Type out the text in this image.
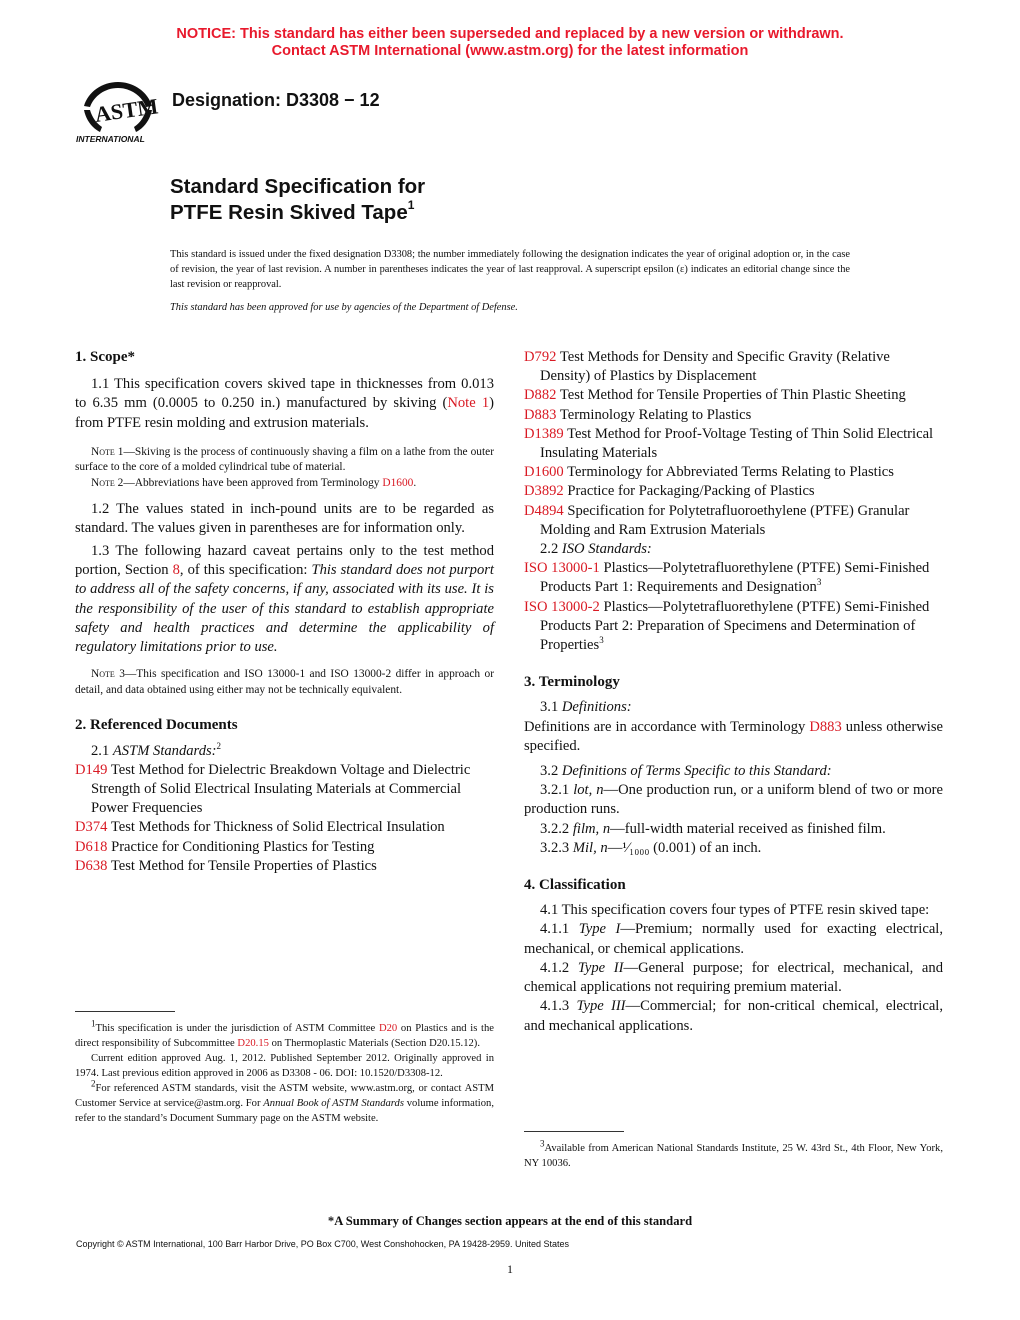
NOTICE: This standard has either been superseded and replaced by a new version or withdrawn.
Contact ASTM International (www.astm.org) for the latest information
ASTM
INTERNATIONAL
Designation: D3308 − 12
Standard Specification for
PTFE Resin Skived Tape$^1$
This standard is issued under the fixed designation D3308; the number immediately following the designation indicates the year of original adoption or, in the case of revision, the year of last revision. A number in parentheses indicates the year of last reapproval. A superscript epsilon (ε) indicates an editorial change since the last revision or reapproval.
This standard has been approved for use by agencies of the Department of Defense.

1. Scope*

1.1 This specification covers skived tape in thicknesses from 0.013 to 6.35 mm (0.0005 to 0.250 in.) manufactured by skiving (Note 1) from PTFE resin molding and extrusion materials.

Note 1—Skiving is the process of continuously shaving a film on a lathe from the outer surface to the core of a molded cylindrical tube of material.

Note 2—Abbreviations have been approved from Terminology D1600.

1.2 The values stated in inch-pound units are to be regarded as standard. The values given in parentheses are for information only.

1.3 The following hazard caveat pertains only to the test method portion, Section 8, of this specification: This standard does not purport to address all of the safety concerns, if any, associated with its use. It is the responsibility of the user of this standard to establish appropriate safety and health practices and determine the applicability of regulatory limitations prior to use.

Note 3—This specification and ISO 13000-1 and ISO 13000-2 differ in approach or detail, and data obtained using either may not be technically equivalent.

2. Referenced Documents

2.1 ASTM Standards:$^2$

D149 Test Method for Dielectric Breakdown Voltage and Dielectric Strength of Solid Electrical Insulating Materials at Commercial Power Frequencies

D374 Test Methods for Thickness of Solid Electrical Insulation

D618 Practice for Conditioning Plastics for Testing

D638 Test Method for Tensile Properties of Plastics

$^1$This specification is under the jurisdiction of ASTM Committee D20 on Plastics and is the direct responsibility of Subcommittee D20.15 on Thermoplastic Materials (Section D20.15.12).

Current edition approved Aug. 1, 2012. Published September 2012. Originally approved in 1974. Last previous edition approved in 2006 as D3308 - 06. DOI: 10.1520/D3308-12.

$^2$For referenced ASTM standards, visit the ASTM website, www.astm.org, or contact ASTM Customer Service at service@astm.org. For Annual Book of ASTM Standards volume information, refer to the standard’s Document Summary page on the ASTM website.

D792 Test Methods for Density and Specific Gravity (Relative Density) of Plastics by Displacement

D882 Test Method for Tensile Properties of Thin Plastic Sheeting

D883 Terminology Relating to Plastics

D1389 Test Method for Proof-Voltage Testing of Thin Solid Electrical Insulating Materials

D1600 Terminology for Abbreviated Terms Relating to Plastics

D3892 Practice for Packaging/Packing of Plastics

D4894 Specification for Polytetrafluoroethylene (PTFE) Granular Molding and Ram Extrusion Materials

2.2 ISO Standards:

ISO 13000-1 Plastics—Polytetrafluorethylene (PTFE) Semi-Finished Products Part 1: Requirements and Designation$^3$

ISO 13000-2 Plastics—Polytetrafluorethylene (PTFE) Semi-Finished Products Part 2: Preparation of Specimens and Determination of Properties$^3$

3. Terminology

3.1 Definitions:

Definitions are in accordance with Terminology D883 unless otherwise specified.

3.2 Definitions of Terms Specific to this Standard:

3.2.1 lot, n—One production run, or a uniform blend of two or more production runs.

3.2.2 film, n—full-width material received as finished film.

3.2.3 Mil, n—¹⁄₁₀₀₀ (0.001) of an inch.

4. Classification

4.1 This specification covers four types of PTFE resin skived tape:

4.1.1 Type I—Premium; normally used for exacting electrical, mechanical, or chemical applications.

4.1.2 Type II—General purpose; for electrical, mechanical, and chemical applications not requiring premium material.

4.1.3 Type III—Commercial; for non-critical chemical, electrical, and mechanical applications.

$^3$Available from American National Standards Institute, 25 W. 43rd St., 4th Floor, New York, NY 10036.

*A Summary of Changes section appears at the end of this standard
Copyright © ASTM International, 100 Barr Harbor Drive, PO Box C700, West Conshohocken, PA 19428-2959. United States
1
